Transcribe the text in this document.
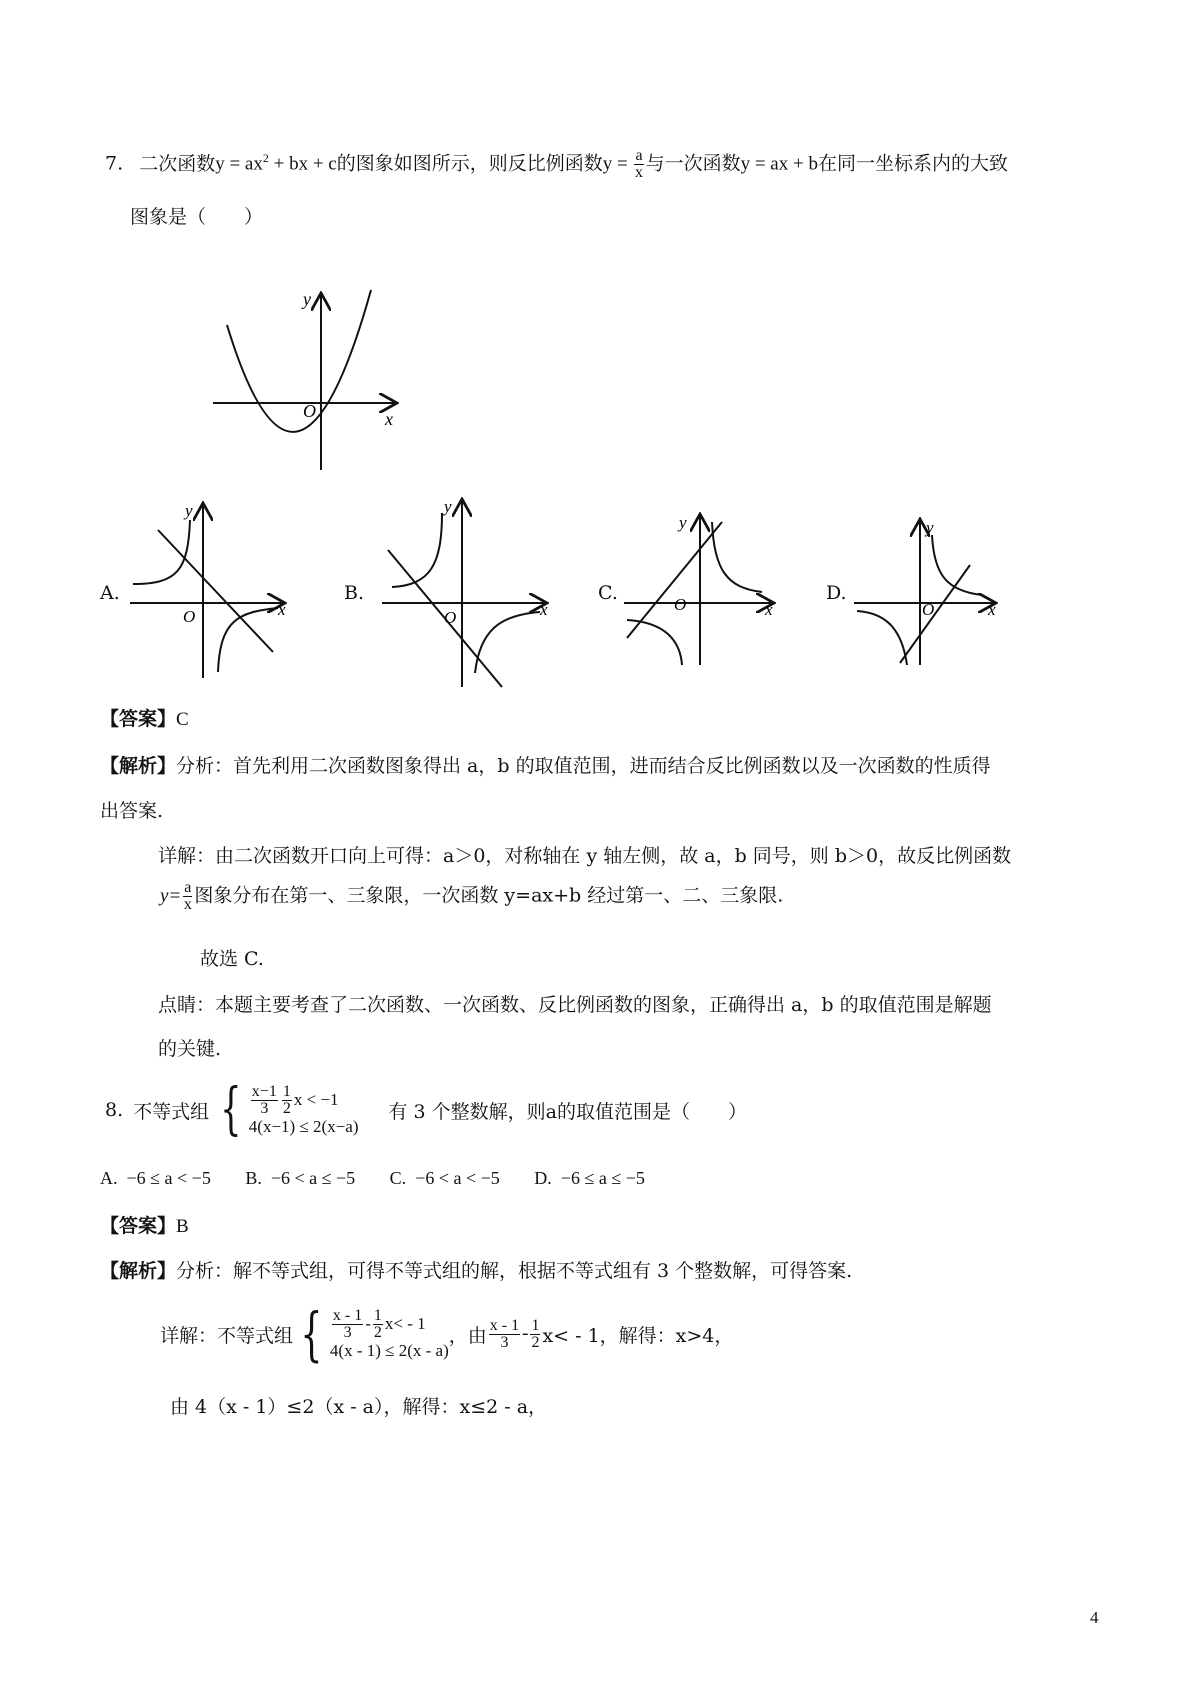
7. 二次函数$y = ax^2$ + bx + c的图象如图所示，则反比例函数$y = \frac{a}{x}$ 与一次函数y = ax + b在同一坐标系内的大致
图象是（　　）
y
x
O
A.
y
x
O
B.
y
x
O
C.
y
x
O
D.
y
x
O
【答案】C
【解析】分析：首先利用二次函数图象得出 a，b 的取值范围，进而结合反比例函数以及一次函数的性质得
出答案.
详解：由二次函数开口向上可得：a＞0，对称轴在 y 轴左侧，故 a，b 同号，则 b＞0，故反比例函数
$y= \frac{a}{x}$ 图象分布在第一、三象限，一次函数 y=ax+b 经过第一、二、三象限.
故选 C.
点睛：本题主要考查了二次函数、一次函数、反比例函数的图象，正确得出 a，b 的取值范围是解题
的关键.
8. 不等式组 { $\frac{x-1}{3} \frac{1}{2}$ x < −1
4(x−1) ≤ 2(x−a)
有 3 个整数解，则a的取值范围是（　　）
A. −6 ≤ a < −5 B. −6 < a ≤ −5 C. −6 < a < −5 D. −6 ≤ a ≤ −5
【答案】B
【解析】分析：解不等式组，可得不等式组的解，根据不等式组有 3 个整数解，可得答案.
详解：不等式组 { $\frac{x - 1}{3} - \frac{1}{2} x< - 1$
4(x - 1) ≤ 2(x - a)
，由 $\frac{x - 1}{3} - \frac{1}{2} x< - 1$，解得：x>4，
由 4（x - 1）≤2（x - a），解得：x≤2 - a，
4
